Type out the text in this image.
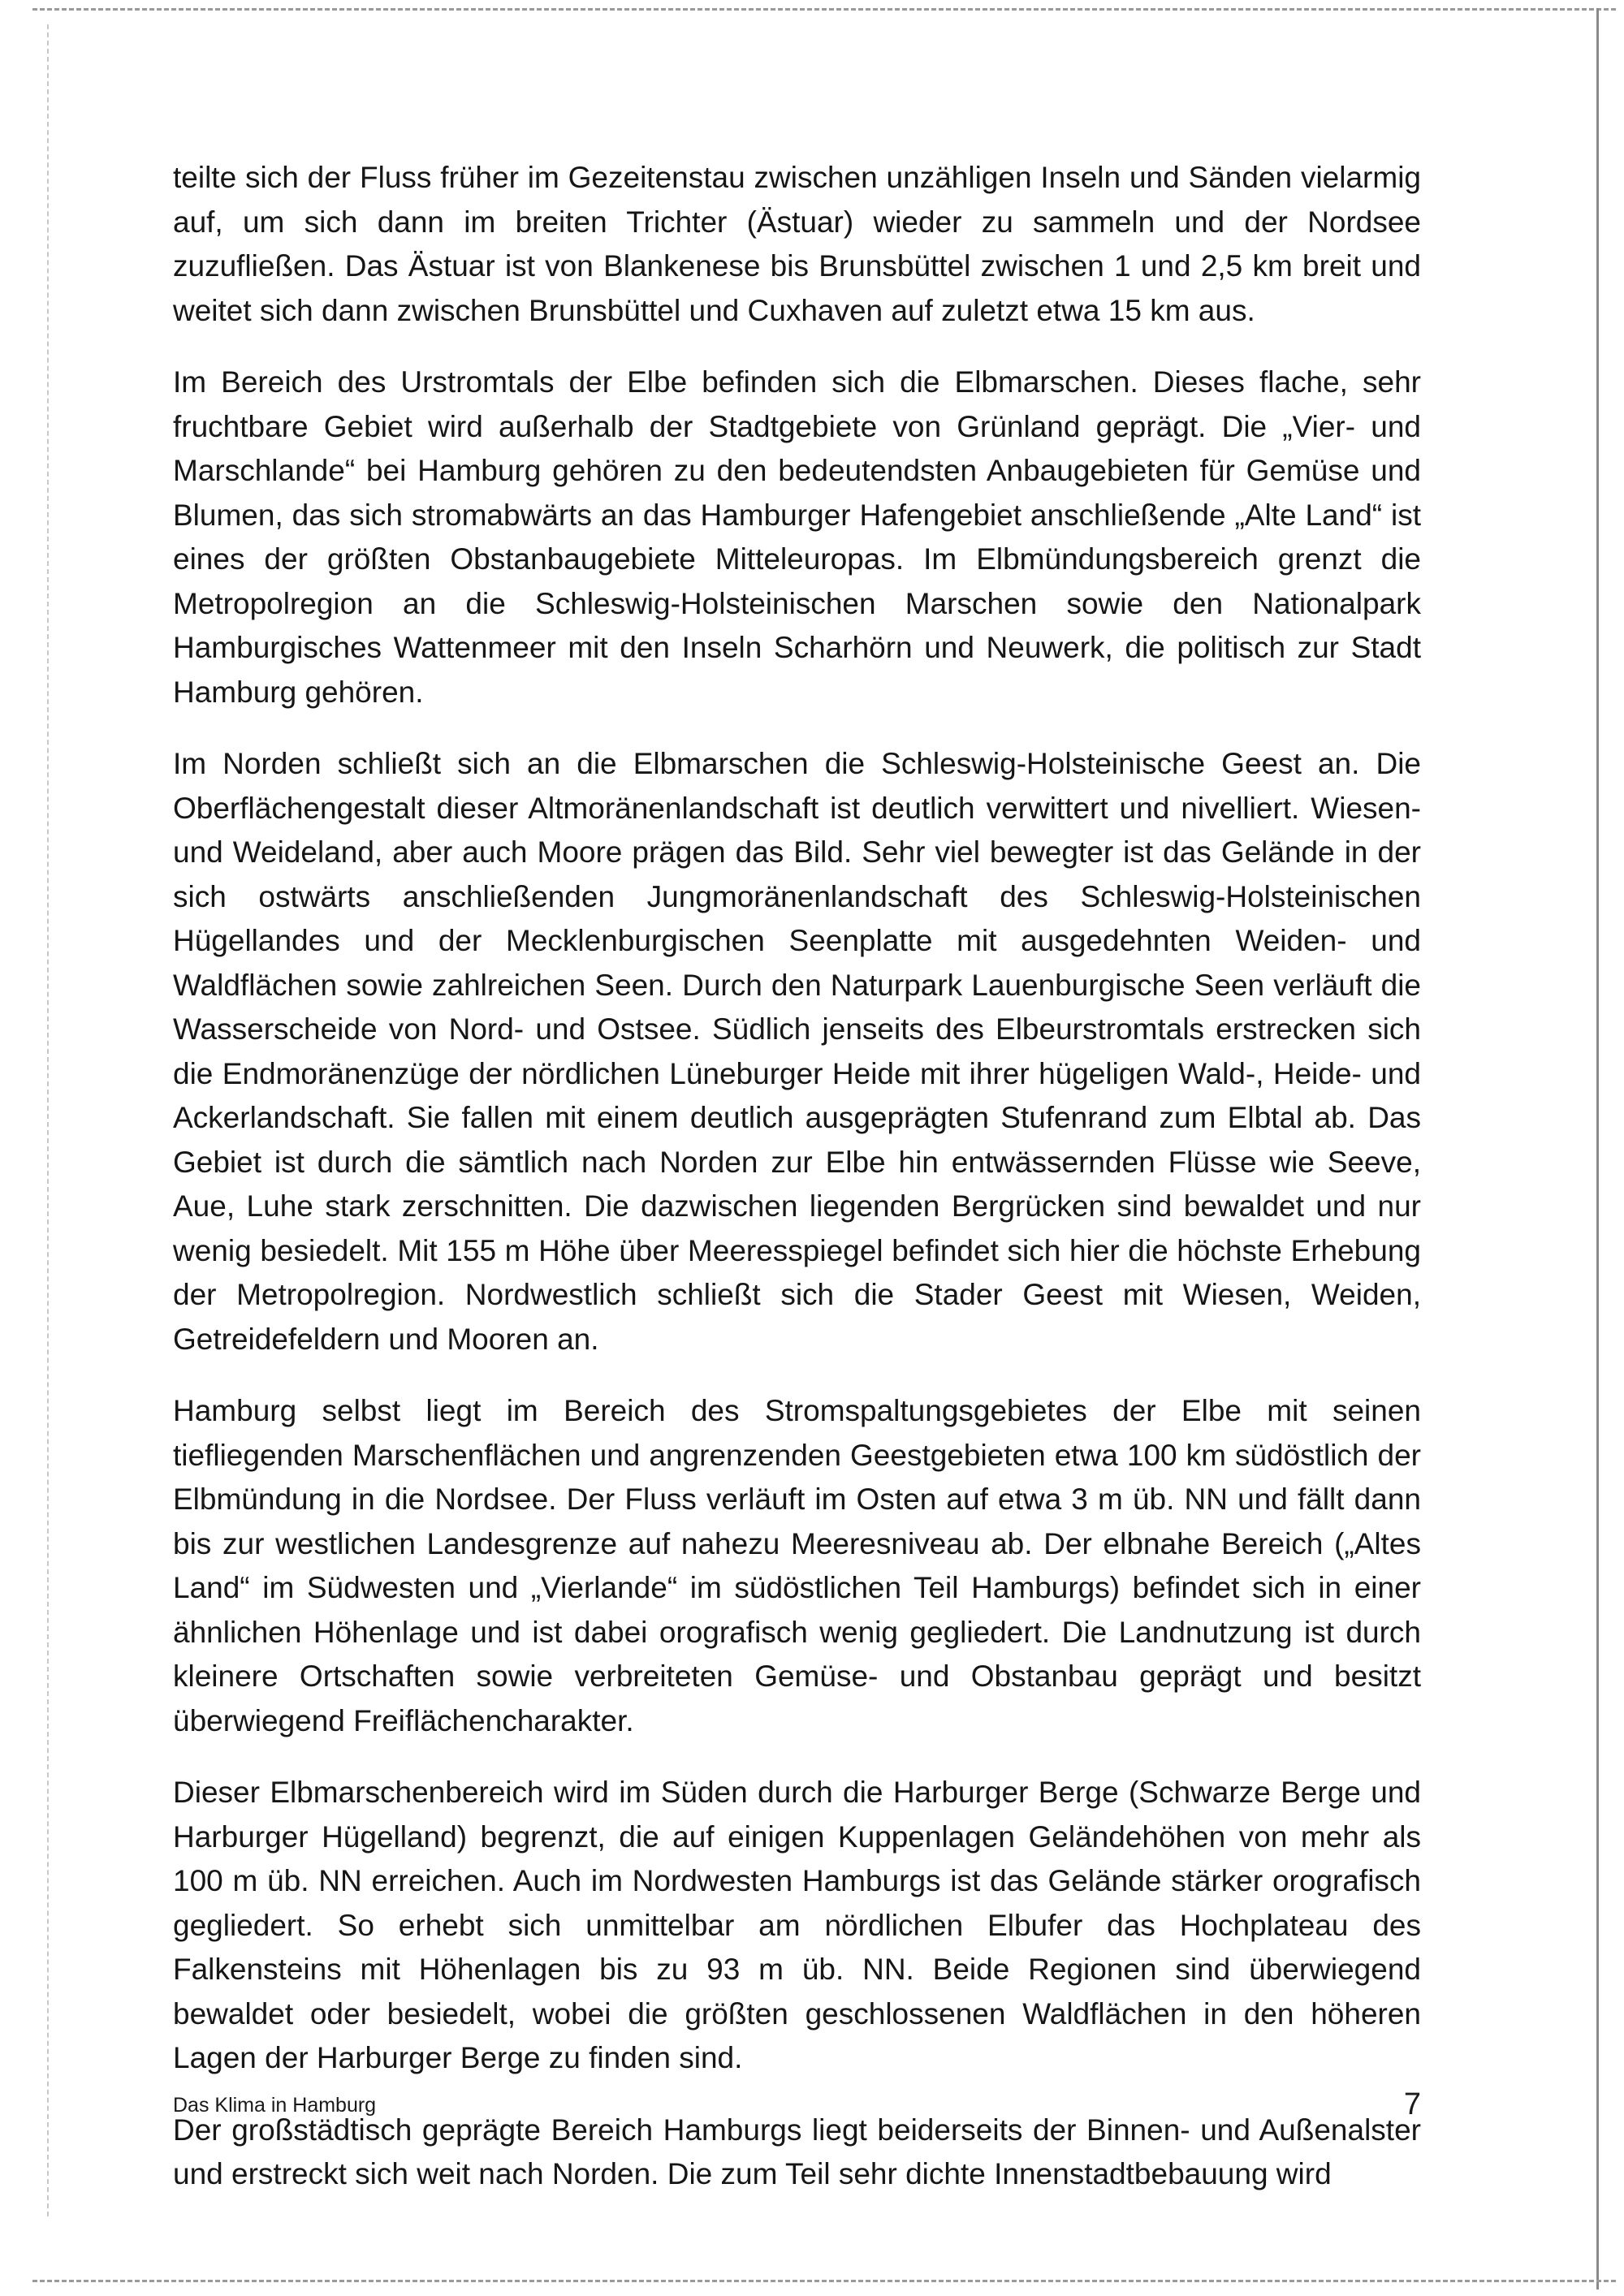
teilte sich der Fluss früher im Gezeitenstau zwischen unzähligen Inseln und Sänden vielarmig auf, um sich dann im breiten Trichter (Ästuar) wieder zu sammeln und der Nordsee zuzufließen. Das Ästuar ist von Blankenese bis Brunsbüttel zwischen 1 und 2,5 km breit und weitet sich dann zwischen Brunsbüttel und Cuxhaven auf zuletzt etwa 15 km aus.

Im Bereich des Urstromtals der Elbe befinden sich die Elbmarschen. Dieses flache, sehr fruchtbare Gebiet wird außerhalb der Stadtgebiete von Grünland geprägt. Die „Vier- und Marschlande“ bei Hamburg gehören zu den bedeutendsten Anbaugebieten für Gemüse und Blumen, das sich stromabwärts an das Hamburger Hafengebiet anschließende „Alte Land“ ist eines der größten Obstanbaugebiete Mitteleuropas. Im Elbmündungsbereich grenzt die Metropolregion an die Schleswig-Holsteinischen Marschen sowie den Nationalpark Hamburgisches Wattenmeer mit den Inseln Scharhörn und Neuwerk, die politisch zur Stadt Hamburg gehören.

Im Norden schließt sich an die Elbmarschen die Schleswig-Holsteinische Geest an. Die Oberflächengestalt dieser Altmoränenlandschaft ist deutlich verwittert und nivelliert. Wiesen- und Weideland, aber auch Moore prägen das Bild. Sehr viel bewegter ist das Gelände in der sich ostwärts anschließenden Jungmoränenlandschaft des Schleswig-Holsteinischen Hügellandes und der Mecklenburgischen Seenplatte mit ausgedehnten Weiden- und Waldflächen sowie zahlreichen Seen. Durch den Naturpark Lauenburgische Seen verläuft die Wasserscheide von Nord- und Ostsee. Südlich jenseits des Elbeurstromtals erstrecken sich die Endmoränenzüge der nördlichen Lüneburger Heide mit ihrer hügeligen Wald-, Heide- und Ackerlandschaft. Sie fallen mit einem deutlich ausgeprägten Stufenrand zum Elbtal ab. Das Gebiet ist durch die sämtlich nach Norden zur Elbe hin entwässernden Flüsse wie Seeve, Aue, Luhe stark zerschnitten. Die dazwischen liegenden Bergrücken sind bewaldet und nur wenig besiedelt. Mit 155 m Höhe über Meeresspiegel befindet sich hier die höchste Erhebung der Metropolregion. Nordwestlich schließt sich die Stader Geest mit Wiesen, Weiden, Getreidefeldern und Mooren an.

Hamburg selbst liegt im Bereich des Stromspaltungsgebietes der Elbe mit seinen tiefliegenden Marschenflächen und angrenzenden Geestgebieten etwa 100 km südöstlich der Elbmündung in die Nordsee. Der Fluss verläuft im Osten auf etwa 3 m üb. NN und fällt dann bis zur westlichen Landesgrenze auf nahezu Meeresniveau ab. Der elbnahe Bereich („Altes Land“ im Südwesten und „Vierlande“ im südöstlichen Teil Hamburgs) befindet sich in einer ähnlichen Höhenlage und ist dabei orografisch wenig gegliedert. Die Landnutzung ist durch kleinere Ortschaften sowie verbreiteten Gemüse- und Obstanbau geprägt und besitzt überwiegend Freiflächencharakter.

Dieser Elbmarschenbereich wird im Süden durch die Harburger Berge (Schwarze Berge und Harburger Hügelland) begrenzt, die auf einigen Kuppenlagen Geländehöhen von mehr als 100 m üb. NN erreichen. Auch im Nordwesten Hamburgs ist das Gelände stärker orografisch gegliedert. So erhebt sich unmittelbar am nördlichen Elbufer das Hochplateau des Falkensteins mit Höhenlagen bis zu 93 m üb. NN. Beide Regionen sind überwiegend bewaldet oder besiedelt, wobei die größten geschlossenen Waldflächen in den höheren Lagen der Harburger Berge zu finden sind.

Der großstädtisch geprägte Bereich Hamburgs liegt beiderseits der Binnen- und Außenalster und erstreckt sich weit nach Norden. Die zum Teil sehr dichte Innenstadtbebauung wird

Das Klima in Hamburg	7
